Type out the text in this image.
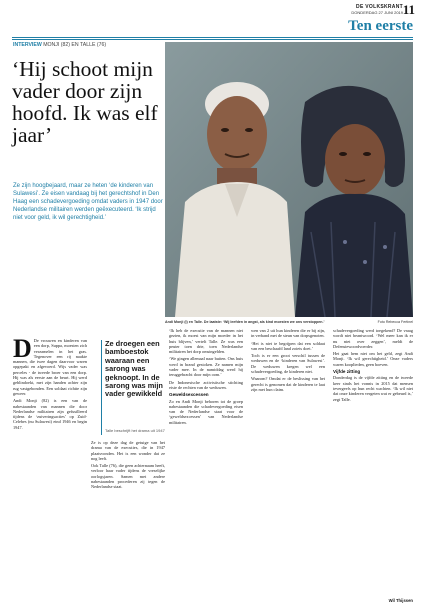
DE VOLKSKRANT
DONDERDAG 27 JUNI 2019 11
Ten eerste
INTERVIEW MONJI (82) EN TALLE (76)
‘Hij schoot mijn vader door zijn hoofd. Ik was elf jaar’
Ze zijn hoogbejaard, maar ze heten ‘de kinderen van Sulawesi’. Ze eisen vandaag bij het gerechtshof in Den Haag een schadevergoeding omdat vaders in 1947 door Nederlandse militairen werden geëxecuteerd. ‘Ik strijd niet voor geld, ik wil gerechtigheid.’
Andi Monji (l) en Talle. De laatste: ‘Wij leefden in angst, als kind moesten we ons verstoppen.’	Foto Rebecca Fertinel
D De vrouwen en kinderen van een dorp, Suppa, moesten zich verzamelen in het gras. Tegenover een rij naakte mannen, die twee dagen daarvoor waren opgepakt en afgevoerd. Wijs vader was perceles - de tweede broer van een dorp. Hij was als eerste aan de beurt. Hij werd geblindoekt, met zijn handen achter zijn rug vastgebonden. Een soldaat richtte zijn geweer.

Andi Monji (82) is een van de nabestaanden van mannen die door Nederlandse militairen zijn gefusilleerd tijdens de ‘zuiveringsacties’ op Zuid-Celebes (nu Sulawesi) eind 1946 en begin 1947.

Ze droegen een bamboestok waaraan een sarong was geknoopt. In de sarong was mijn vader gewikkeld
Talle beschrijft het drama uit 1947

Ze is op deze dag de getuige van het drama van de executies, die in 1947 plaatsvonden. Het is een wonder dat ze nog leeft.

Ook Talle (76), die geen achternaam heeft, verloor haar vader tijdens de vreselijke oorlogsjaren. Samen met andere nabestaanden procederen zij tegen de Nederlandse staat.

‘Ik heb de executie van de mannen niet gezien, ik moest van mijn moeder in het huis blijven,’ vertelt Talle. Ze was een peuter toen drie, toen Nederlandse militairen het dorp omsingelden.

‘We gingen allemaal naar buiten. Ons huis werd in brand gestoken. Ze namen mijn vader mee. In de namiddag werd hij teruggebracht door mijn oom.’

De Indonesische activistische stichting eiste de rechten van de weduwen.

Geweldsexcessen

Zo en Andi Monji behoren tot de groep nabestaanden die schadevergoeding eisen van de Nederlandse staat voor de ‘geweldsexcessen’ van Nederlandse militairen.

wen van 2 uit hun kinderen die er bij zijn, in verband met de steun van dorpsgenoten.

‘Het is niet te begrijpen dat een soldaat van een beschaafd land zoiets doet.’

Toch is er een groot verschil tussen de weduwen en de ‘kinderen van Sulawesi’. De weduwen kregen wel een schadevergoeding, de kinderen niet.

Waarom? Omdat er de beslissing van het gerecht is genomen dat de kinderen te laat zijn met hun claim.

schadevergoeding werd toegekend? De vraag wordt niet beantwoord. ‘Wel meer kan ik er nu niet over zeggen’, meldt de Defensiewoordvoerder.

Het gaat hem niet om het geld, zegt Andi Monji. ‘Ik wil gerechtigheid.’ Onze vaders waren kooplieden, geen boeven.

Vijfde zitting

Donderdag is de vijfde zitting en de tweede keer sinds het vonnis in 2015 dat mensen tevergeefs op hun recht wachten. ‘Ik wil niet dat onze kinderen vergeten wat er gebeurd is,’ zegt Talle.

Wil Thijssen
